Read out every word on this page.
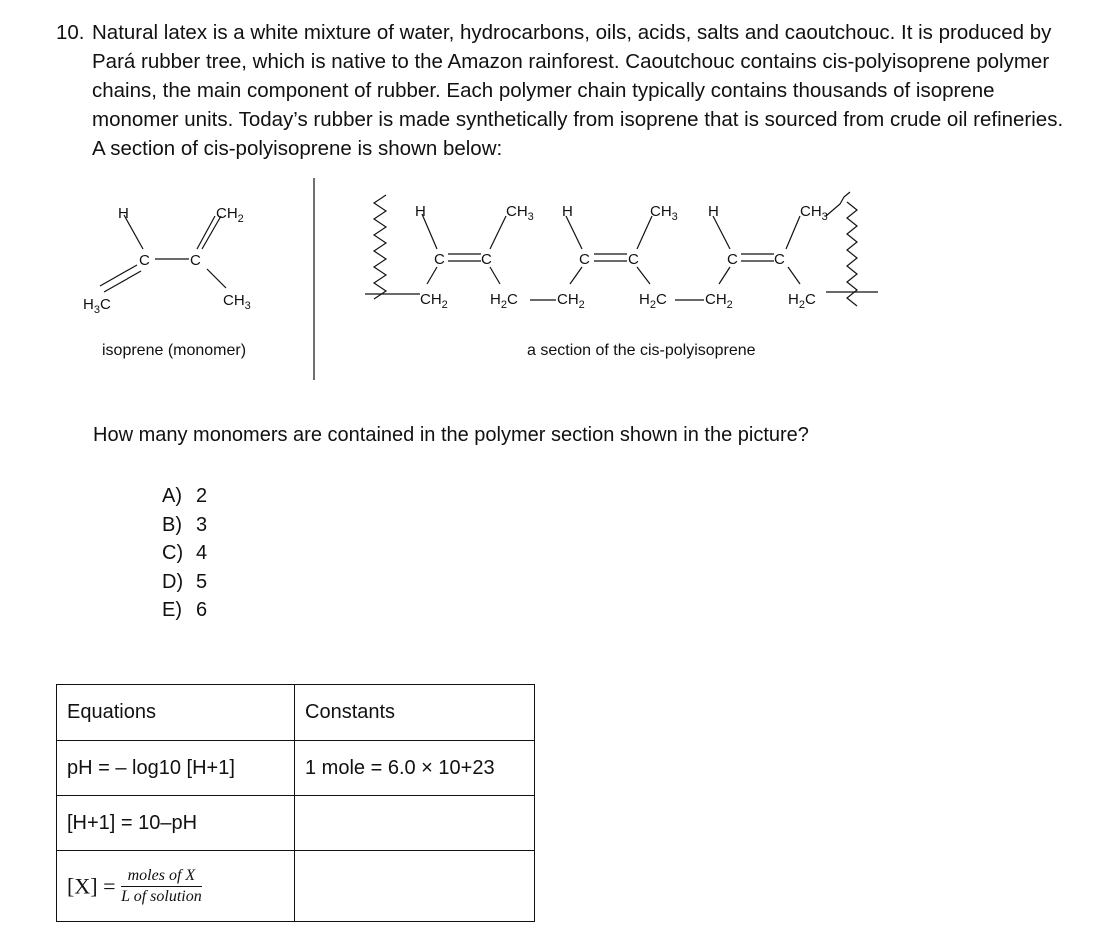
10. Natural latex is a white mixture of water, hydrocarbons, oils, acids, salts and caoutchouc. It is produced by Pará rubber tree, which is native to the Amazon rainforest. Caoutchouc contains cis-polyisoprene polymer chains, the main component of rubber. Each polymer chain typically contains thousands of isoprene monomer units. Today’s rubber is made synthetically from isoprene that is sourced from crude oil refineries. A section of cis-polyisoprene is shown below:
H	$CH_2$
C	C
$H_3C$	$CH_3$
H	$CH_3$ H	$CH_3$ H	$CH_3$
C C	C	C	C C
$CH_2$	$H_2C$	$CH_2$	$H_2C$	$CH_2$	$H_2C$
isoprene (monomer)	a section of the cis-polyisoprene
How many monomers are contained in the polymer section shown in the picture?
A) 2
B) 3
C) 4
D) 5
E) 6
Equations	Constants
pH = – log10 [H+1]	1 mole = 6.0 × 10+23
[H+1] = 10–pH	
$[X] = \frac{\text{moles of X}}{\text{L of solution}}$
